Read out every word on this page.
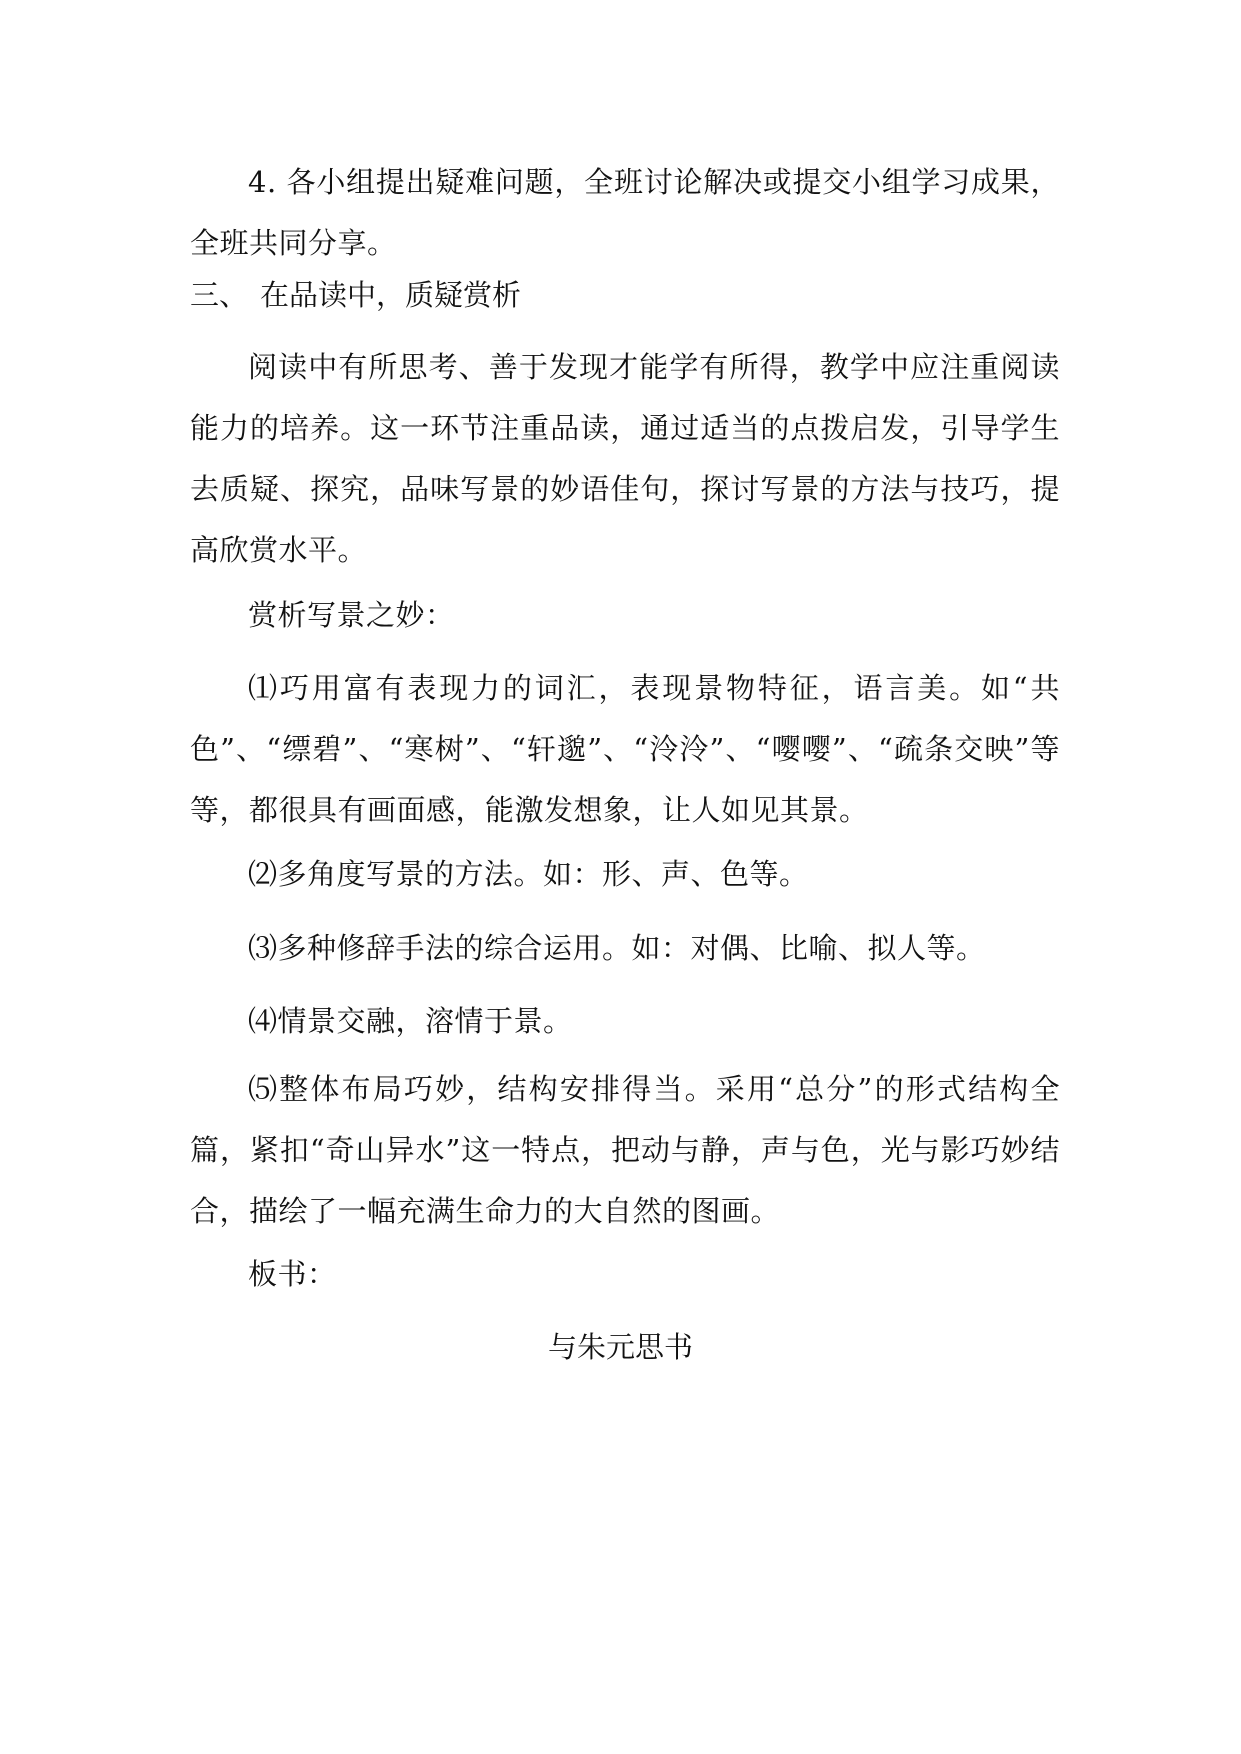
4. 各小组提出疑难问题，全班讨论解决或提交小组学习成果，全班共同分享。

三、 在品读中，质疑赏析

阅读中有所思考、善于发现才能学有所得，教学中应注重阅读能力的培养。这一环节注重品读，通过适当的点拨启发，引导学生去质疑、探究，品味写景的妙语佳句，探讨写景的方法与技巧，提高欣赏水平。

赏析写景之妙：

⑴巧用富有表现力的词汇，表现景物特征，语言美。如“共色”、“缥碧”、“寒树”、“轩邈”、“泠泠”、“嘤嘤”、“疏条交映”等等，都很具有画面感，能激发想象，让人如见其景。

⑵多角度写景的方法。如：形、声、色等。

⑶多种修辞手法的综合运用。如：对偶、比喻、拟人等。

⑷情景交融，溶情于景。

⑸整体布局巧妙，结构安排得当。采用“总分”的形式结构全篇，紧扣“奇山异水”这一特点，把动与静，声与色，光与影巧妙结合，描绘了一幅充满生命力的大自然的图画。

板书：

与朱元思书
